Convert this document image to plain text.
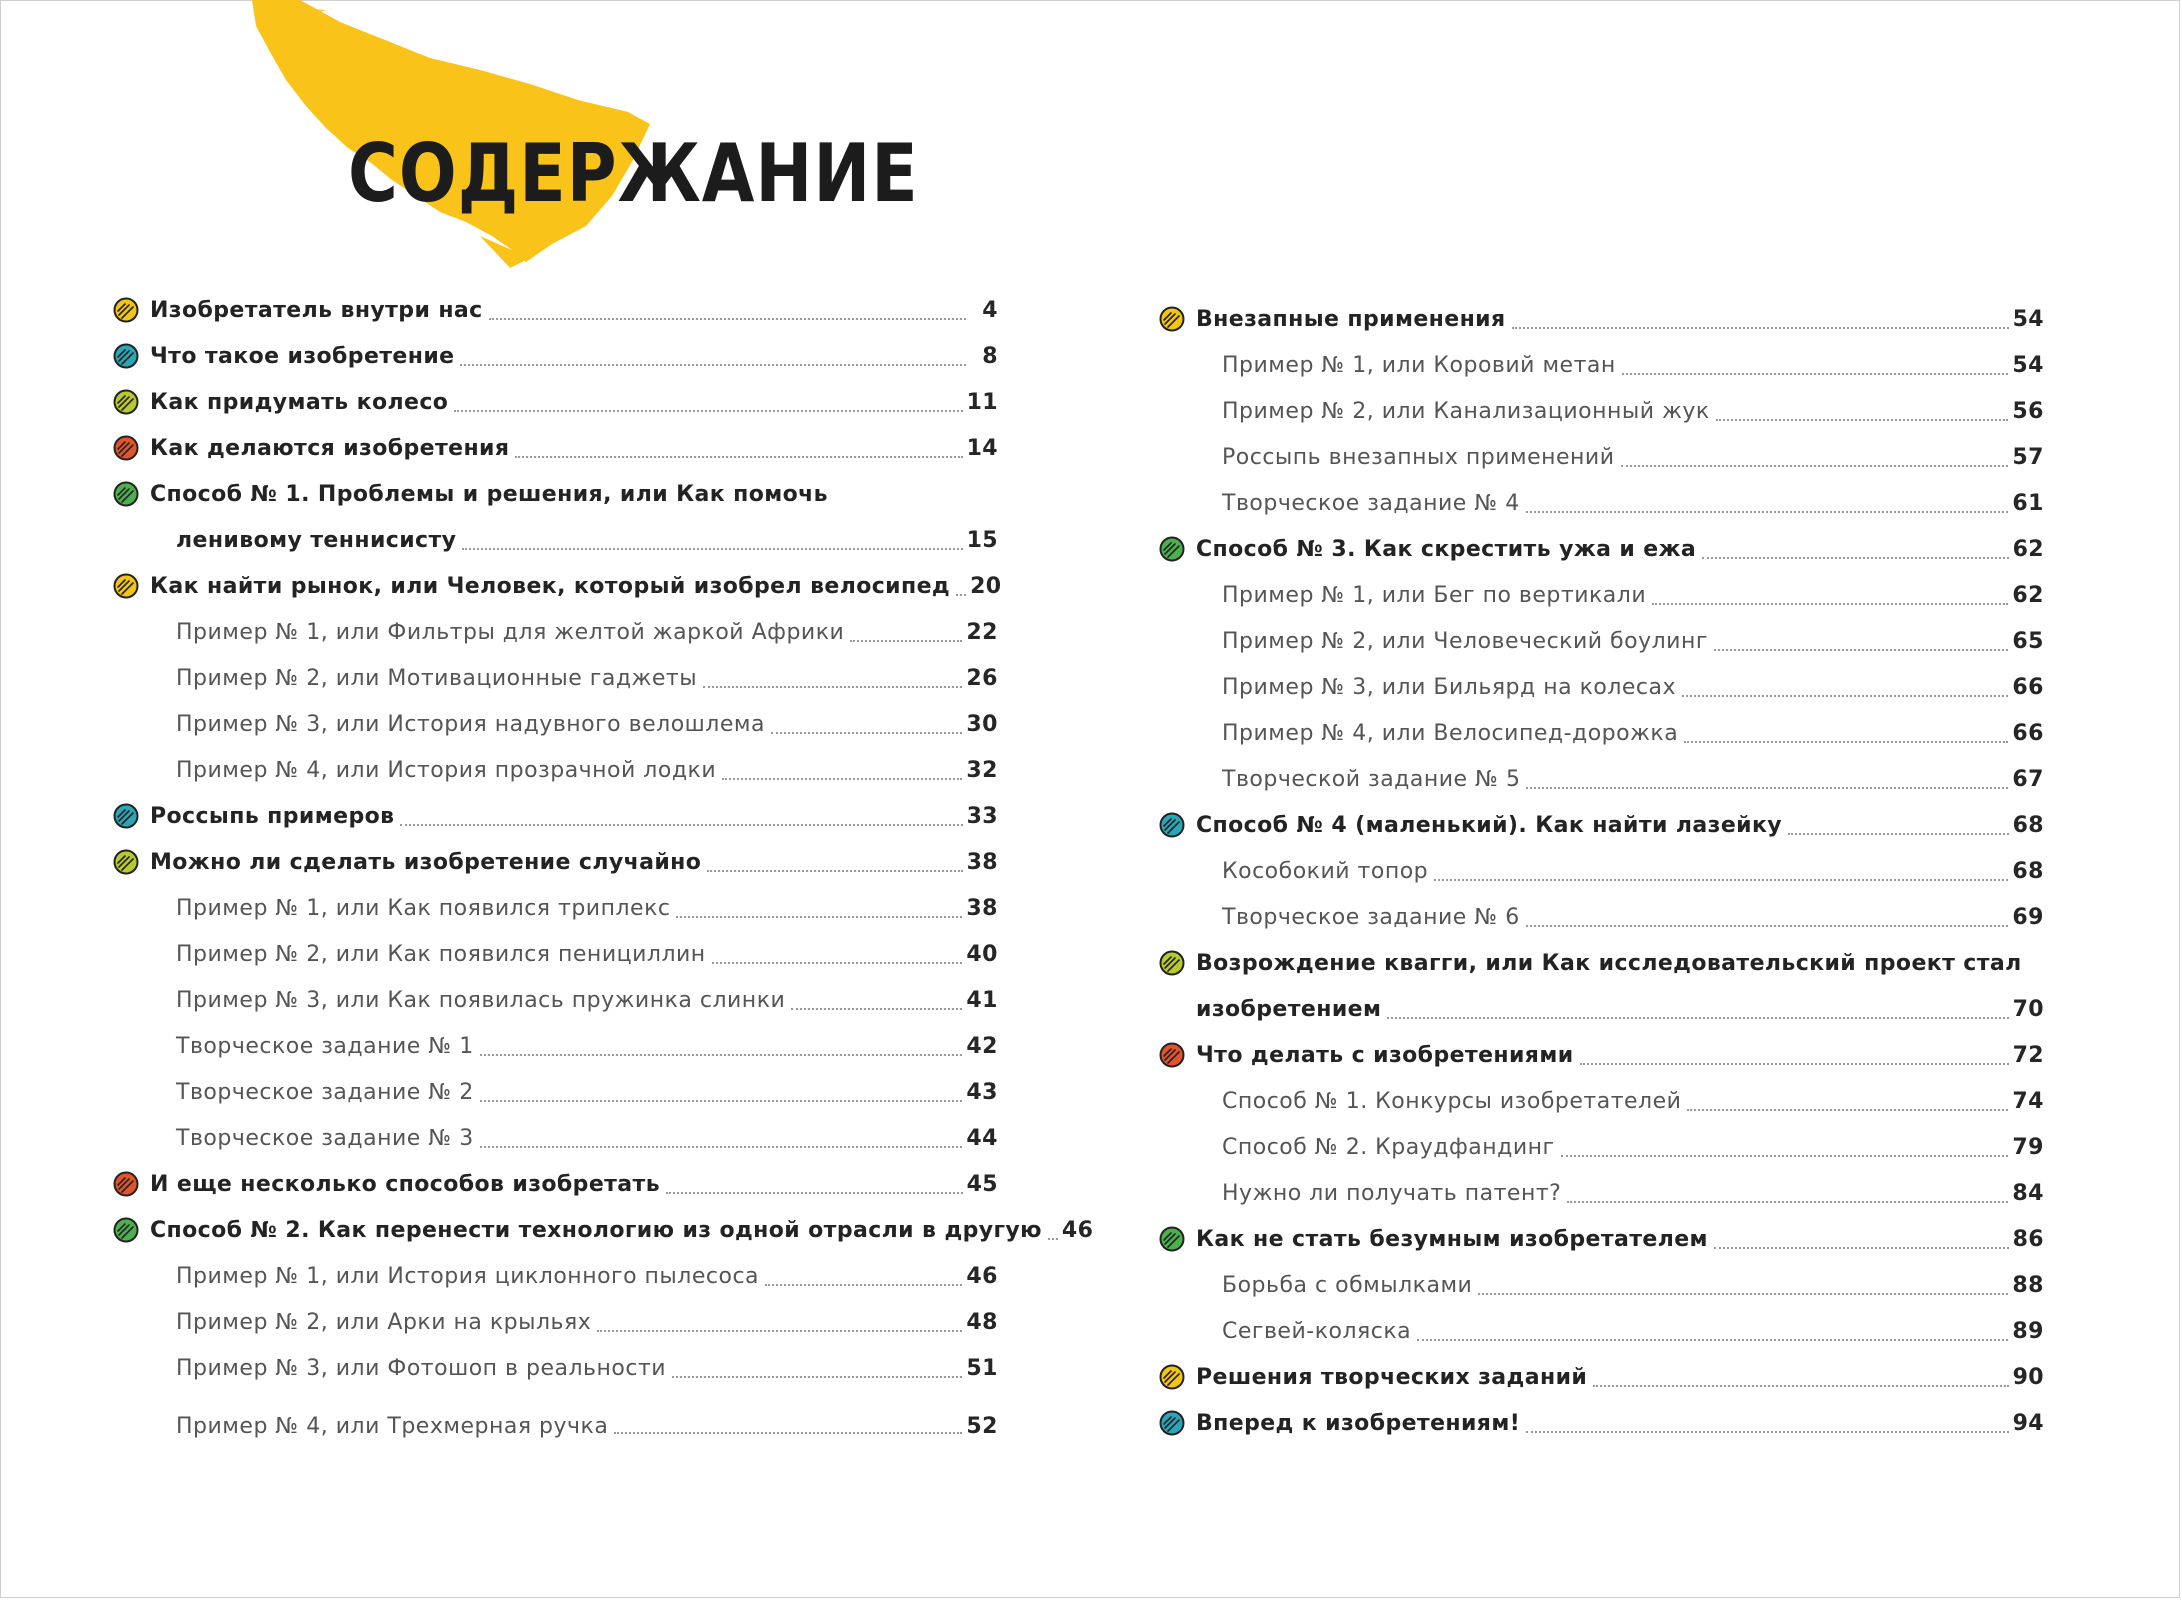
СОДЕРЖАНИЕ
Изобретатель внутри нас	4
Что такое изобретение	8
Как придумать колесо	11
Как делаются изобретения	14
Способ № 1. Проблемы и решения, или Как помочь
ленивому теннисисту	15
Как найти рынок, или Человек, который изобрел велосипед 20
Пример № 1, или Фильтры для желтой жаркой Африки	22
Пример № 2, или Мотивационные гаджеты	26
Пример № 3, или История надувного велошлема	30
Пример № 4, или История прозрачной лодки	32
Россыпь примеров	33
Можно ли сделать изобретение случайно	38
Пример № 1, или Как появился триплекс	38
Пример № 2, или Как появился пенициллин	40
Пример № 3, или Как появилась пружинка слинки	41
Творческое задание № 1	42
Творческое задание № 2	43
Творческое задание № 3	44
И еще несколько способов изобретать	45
Способ № 2. Как перенести технологию из одной отрасли в другую 46
Пример № 1, или История циклонного пылесоса	46
Пример № 2, или Арки на крыльях	48
Пример № 3, или Фотошоп в реальности	51
Пример № 4, или Трехмерная ручка	52
Внезапные применения	54
Пример № 1, или Коровий метан	54
Пример № 2, или Канализационный жук	56
Россыпь внезапных применений	57
Творческое задание № 4	61
Способ № 3. Как скрестить ужа и ежа	62
Пример № 1, или Бег по вертикали	62
Пример № 2, или Человеческий боулинг	65
Пример № 3, или Бильярд на колесах	66
Пример № 4, или Велосипед-дорожка	66
Творческой задание № 5	67
Способ № 4 (маленький). Как найти лазейку	68
Кособокий топор	68
Творческое задание № 6	69
Возрождение квагги, или Как исследовательский проект стал
изобретением	70
Что делать с изобретениями	72
Способ № 1. Конкурсы изобретателей	74
Способ № 2. Краудфандинг	79
Нужно ли получать патент?	84
Как не стать безумным изобретателем	86
Борьба с обмылками	88
Сегвей-коляска	89
Решения творческих заданий	90
Вперед к изобретениям!	94
